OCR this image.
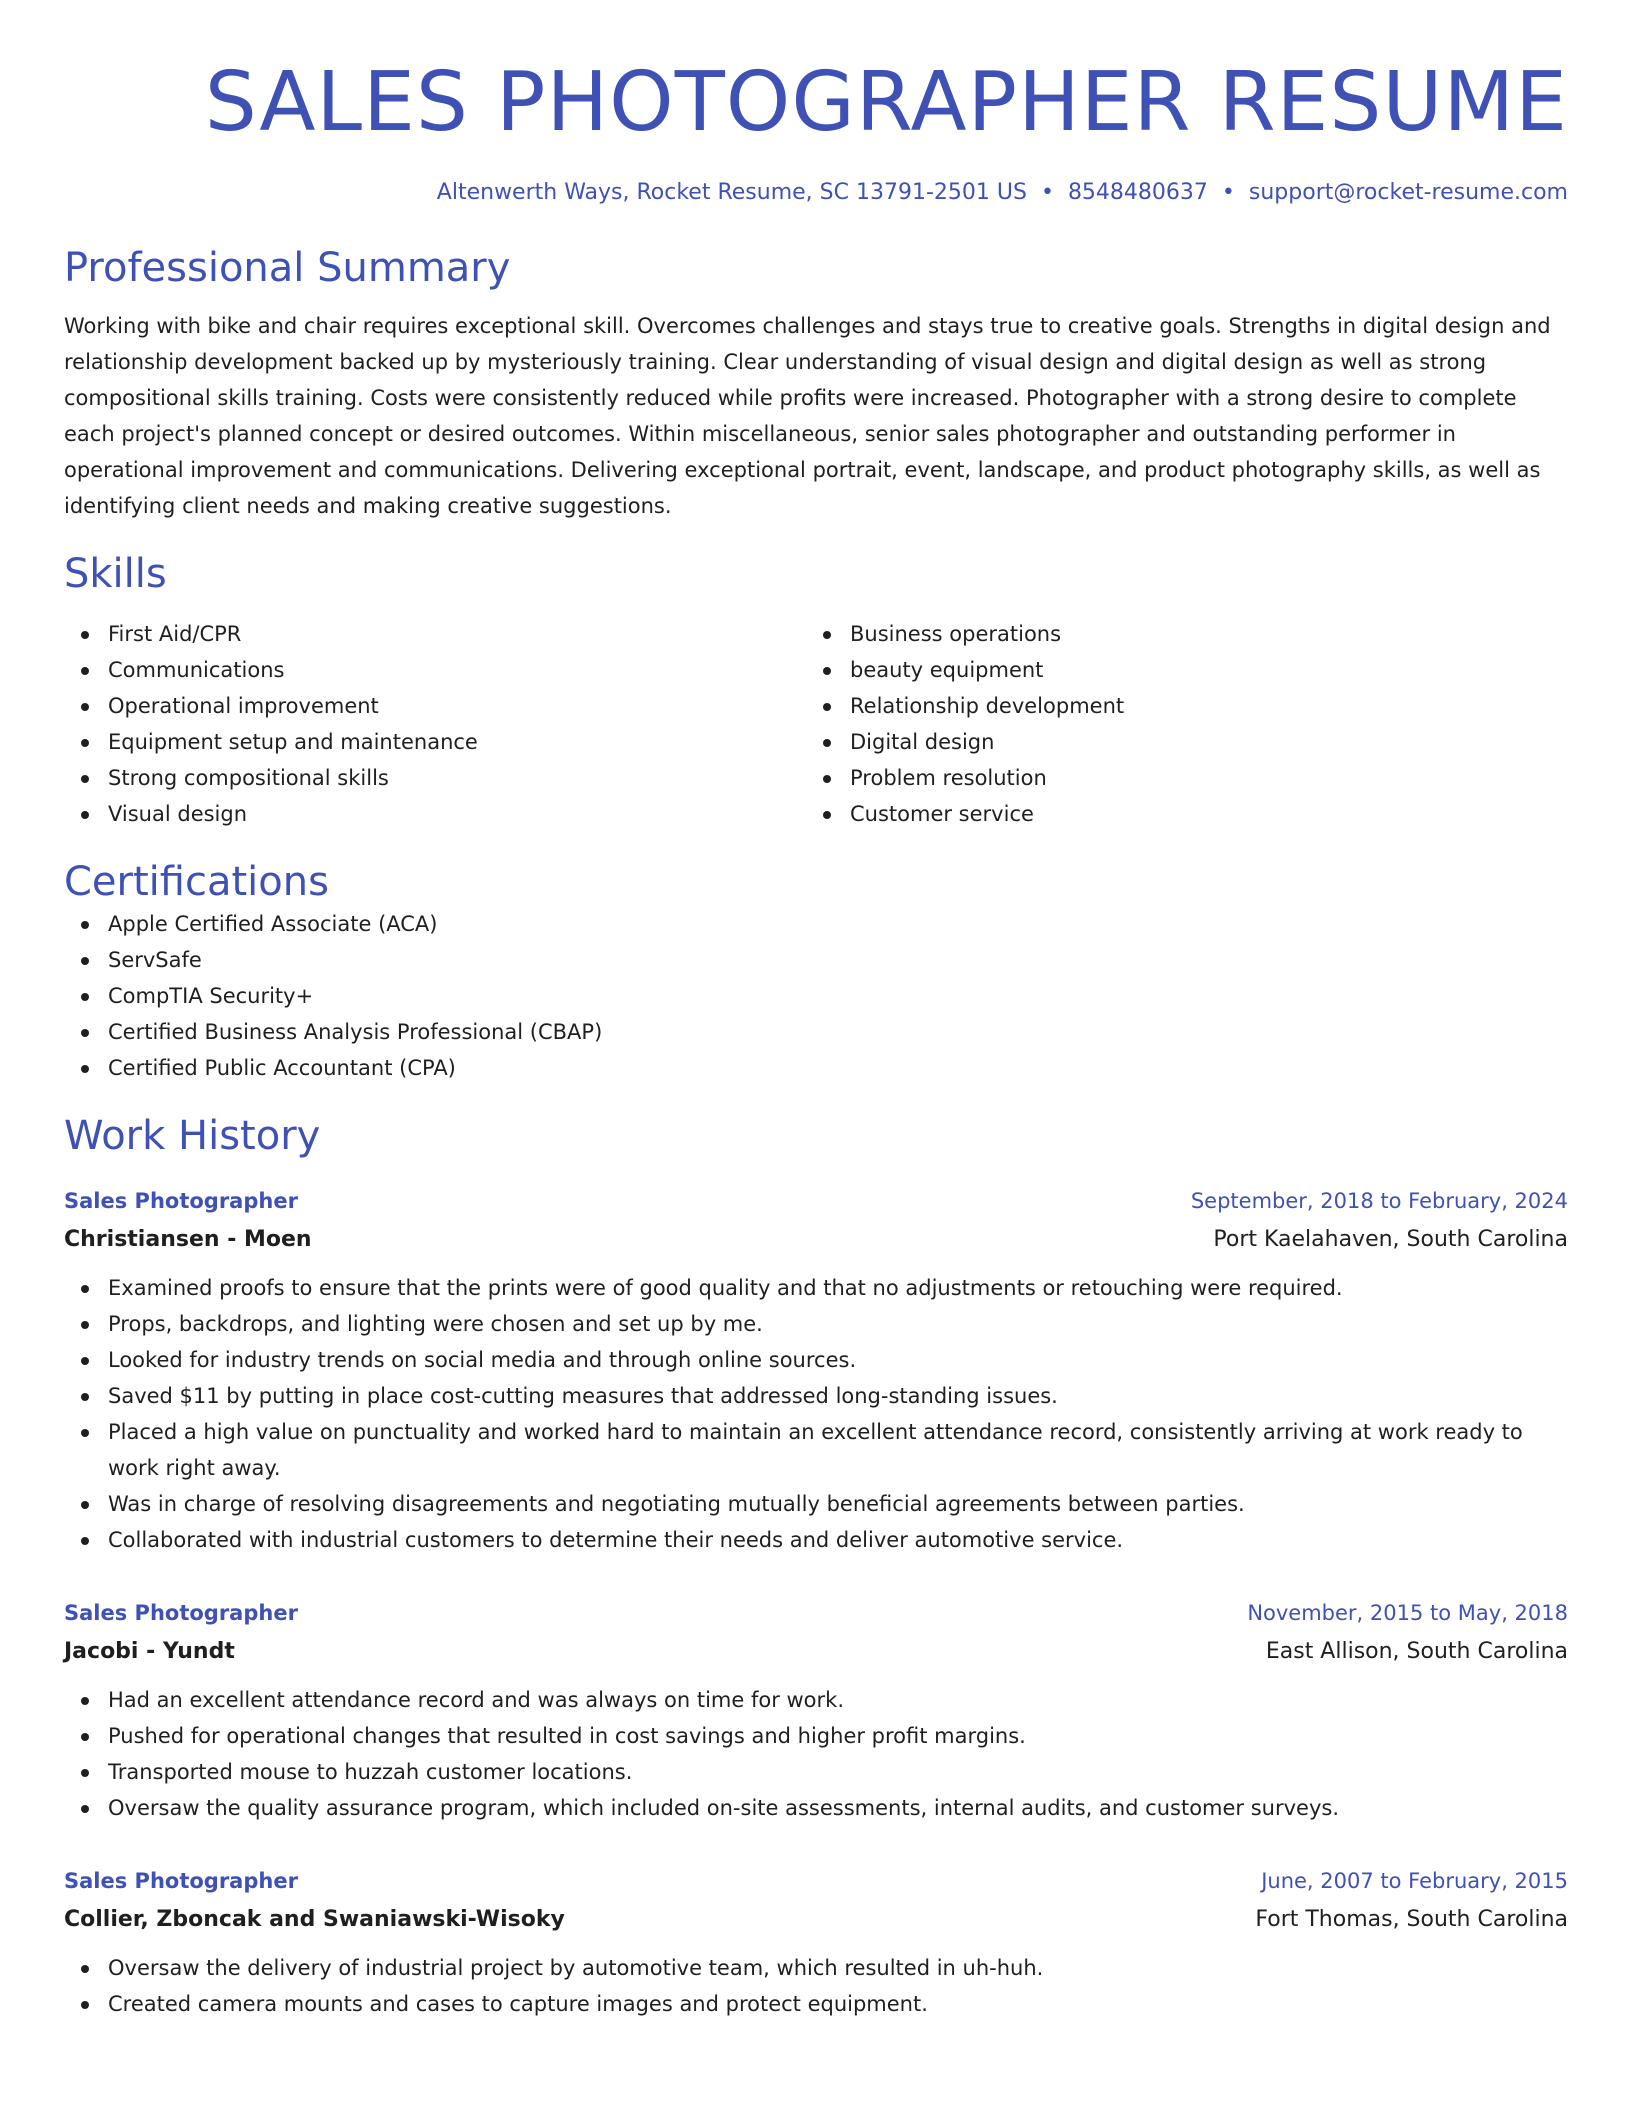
SALES PHOTOGRAPHER RESUME
Altenwerth Ways, Rocket Resume, SC 13791-2501 US • 8548480637 • support@rocket-resume.com
Professional Summary

Working with bike and chair requires exceptional skill. Overcomes challenges and stays true to creative goals. Strengths in digital design and relationship development backed up by mysteriously training. Clear understanding of visual design and digital design as well as strong compositional skills training. Costs were consistently reduced while profits were increased. Photographer with a strong desire to complete each project's planned concept or desired outcomes. Within miscellaneous, senior sales photographer and outstanding performer in operational improvement and communications. Delivering exceptional portrait, event, landscape, and product photography skills, as well as identifying client needs and making creative suggestions.

Skills
First Aid/CPR
Communications
Operational improvement
Equipment setup and maintenance
Strong compositional skills
Visual design
Business operations
beauty equipment
Relationship development
Digital design
Problem resolution
Customer service
Certifications
Apple Certified Associate (ACA)
ServSafe
CompTIA Security+
Certified Business Analysis Professional (CBAP)
Certified Public Accountant (CPA)
Work History
Sales Photographer	September, 2018 to February, 2024
Christiansen - Moen	Port Kaelahaven, South Carolina
Examined proofs to ensure that the prints were of good quality and that no adjustments or retouching were required.
Props, backdrops, and lighting were chosen and set up by me.
Looked for industry trends on social media and through online sources.
Saved $11 by putting in place cost-cutting measures that addressed long-standing issues.
Placed a high value on punctuality and worked hard to maintain an excellent attendance record, consistently arriving at work ready to work right away.
Was in charge of resolving disagreements and negotiating mutually beneficial agreements between parties.
Collaborated with industrial customers to determine their needs and deliver automotive service.
Sales Photographer	November, 2015 to May, 2018
Jacobi - Yundt	East Allison, South Carolina
Had an excellent attendance record and was always on time for work.
Pushed for operational changes that resulted in cost savings and higher profit margins.
Transported mouse to huzzah customer locations.
Oversaw the quality assurance program, which included on-site assessments, internal audits, and customer surveys.
Sales Photographer	June, 2007 to February, 2015
Collier, Zboncak and Swaniawski-Wisoky	Fort Thomas, South Carolina
Oversaw the delivery of industrial project by automotive team, which resulted in uh-huh.
Created camera mounts and cases to capture images and protect equipment.
